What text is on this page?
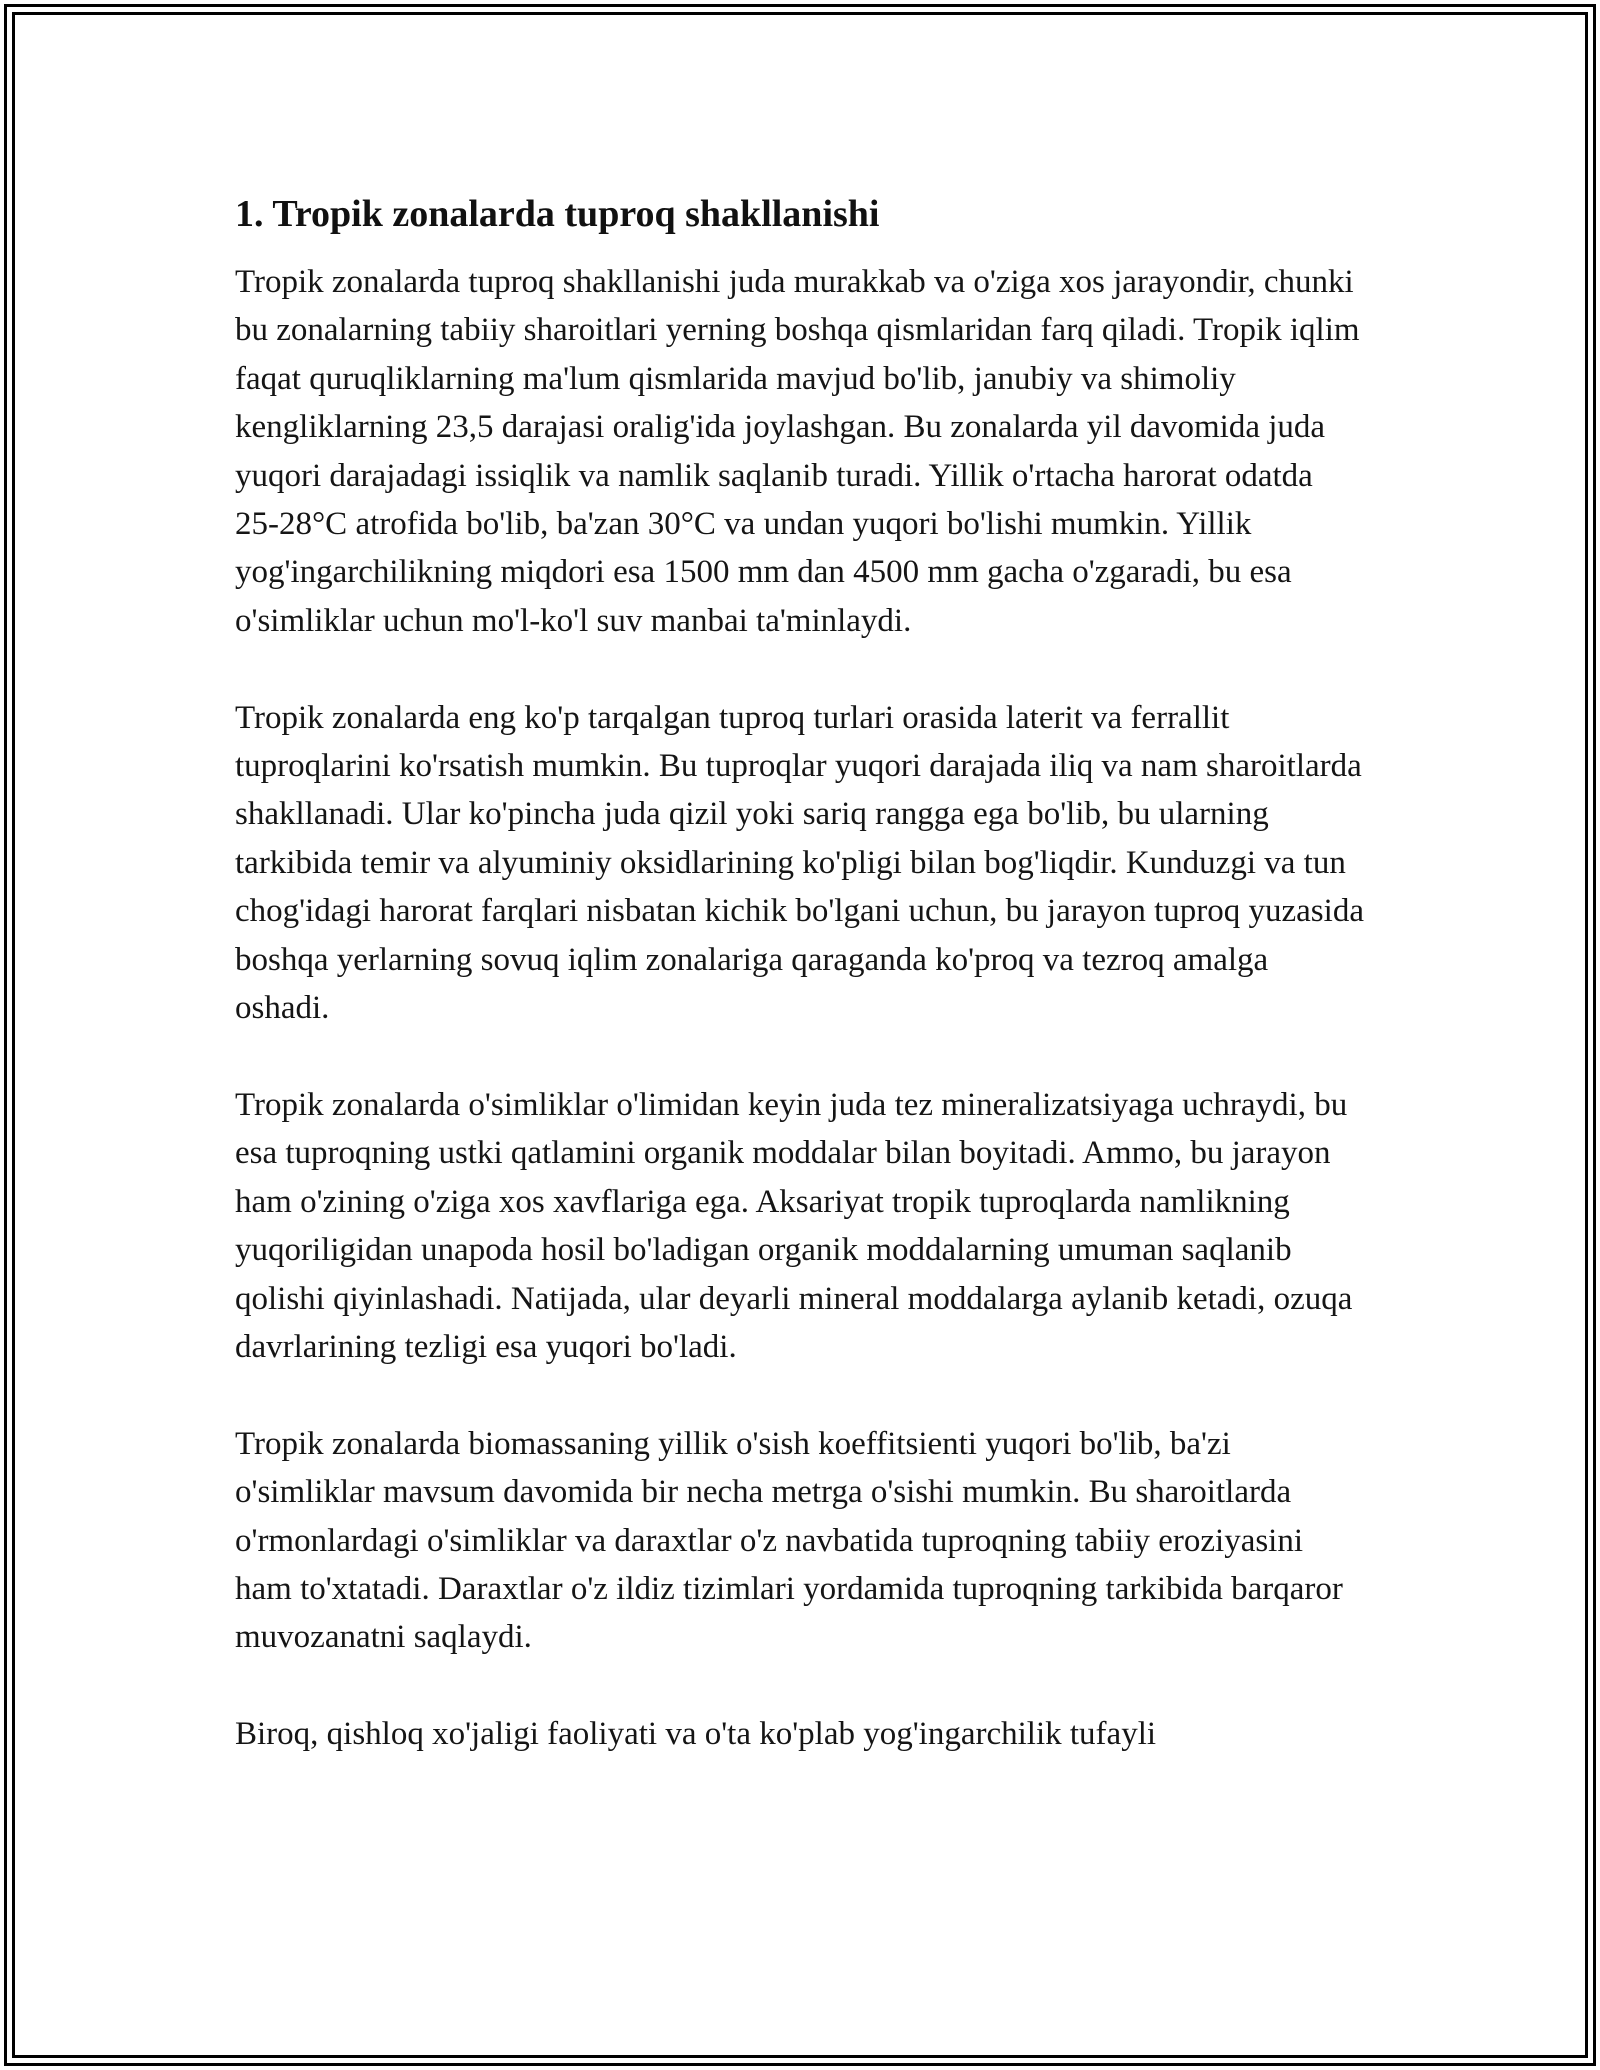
1. Tropik zonalarda tuproq shakllanishi

Tropik zonalarda tuproq shakllanishi juda murakkab va o'ziga xos jarayondir, chunki bu zonalarning tabiiy sharoitlari yerning boshqa qismlaridan farq qiladi. Tropik iqlim faqat quruqliklarning ma'lum qismlarida mavjud bo'lib, janubiy va shimoliy kengliklarning 23,5 darajasi oralig'ida joylashgan. Bu zonalarda yil davomida juda yuqori darajadagi issiqlik va namlik saqlanib turadi. Yillik o'rtacha harorat odatda 25-28°C atrofida bo'lib, ba'zan 30°C va undan yuqori bo'lishi mumkin. Yillik yog'ingarchilikning miqdori esa 1500 mm dan 4500 mm gacha o'zgaradi, bu esa o'simliklar uchun mo'l-ko'l suv manbai ta'minlaydi.

Tropik zonalarda eng ko'p tarqalgan tuproq turlari orasida laterit va ferrallit tuproqlarini ko'rsatish mumkin. Bu tuproqlar yuqori darajada iliq va nam sharoitlarda shakllanadi. Ular ko'pincha juda qizil yoki sariq rangga ega bo'lib, bu ularning tarkibida temir va alyuminiy oksidlarining ko'pligi bilan bog'liqdir. Kunduzgi va tun chog'idagi harorat farqlari nisbatan kichik bo'lgani uchun, bu jarayon tuproq yuzasida boshqa yerlarning sovuq iqlim zonalariga qaraganda ko'proq va tezroq amalga oshadi.

Tropik zonalarda o'simliklar o'limidan keyin juda tez mineralizatsiyaga uchraydi, bu esa tuproqning ustki qatlamini organik moddalar bilan boyitadi. Ammo, bu jarayon ham o'zining o'ziga xos xavflariga ega. Aksariyat tropik tuproqlarda namlikning yuqoriligidan unapoda hosil bo'ladigan organik moddalarning umuman saqlanib qolishi qiyinlashadi. Natijada, ular deyarli mineral moddalarga aylanib ketadi, ozuqa davrlarining tezligi esa yuqori bo'ladi.

Tropik zonalarda biomassaning yillik o'sish koeffitsienti yuqori bo'lib, ba'zi o'simliklar mavsum davomida bir necha metrga o'sishi mumkin. Bu sharoitlarda o'rmonlardagi o'simliklar va daraxtlar o'z navbatida tuproqning tabiiy eroziyasini ham to'xtatadi. Daraxtlar o'z ildiz tizimlari yordamida tuproqning tarkibida barqaror muvozanatni saqlaydi.

Biroq, qishloq xo'jaligi faoliyati va o'ta ko'plab yog'ingarchilik tufayli
